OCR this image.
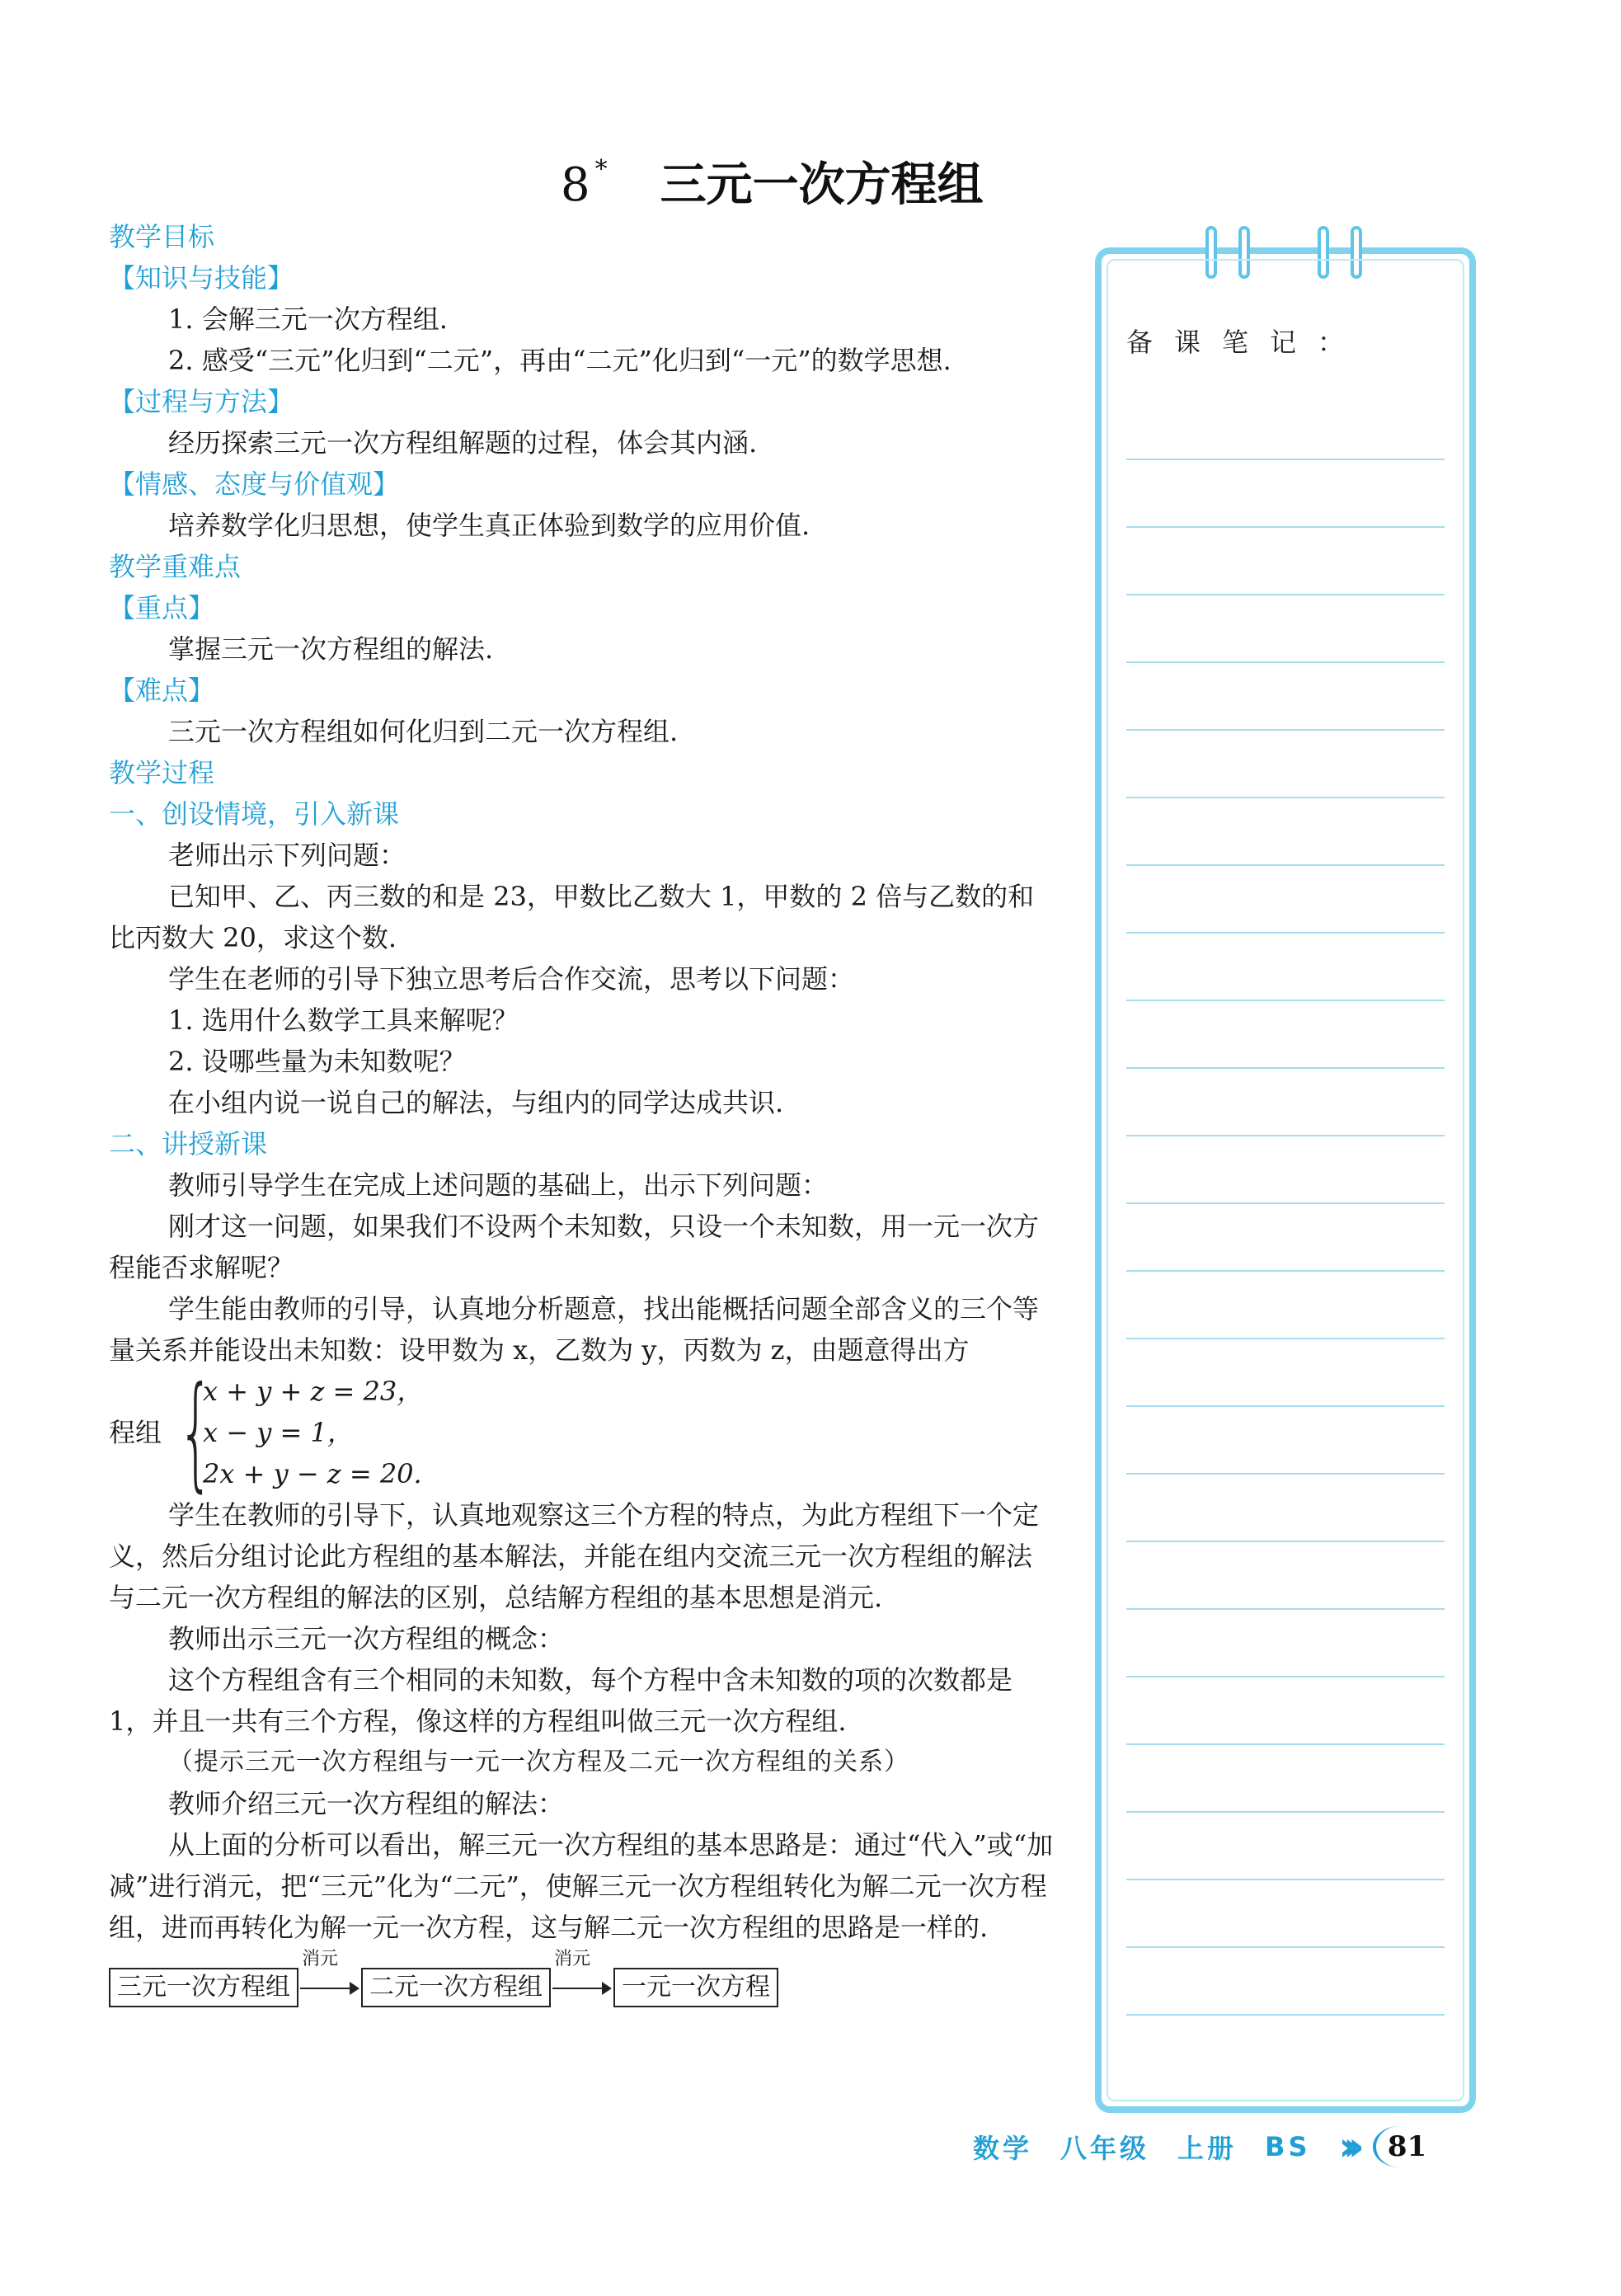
8 * 三元一次方程组

教学目标

【知识与技能】

1. 会解三元一次方程组.

2. 感受“三元”化归到“二元”，再由“二元”化归到“一元”的数学思想.

【过程与方法】

经历探索三元一次方程组解题的过程，体会其内涵.

【情感、态度与价值观】

培养数学化归思想，使学生真正体验到数学的应用价值.

教学重难点

【重点】

掌握三元一次方程组的解法.

【难点】

三元一次方程组如何化归到二元一次方程组.

教学过程

一、创设情境，引入新课

老师出示下列问题：

已知甲、乙、丙三数的和是 23，甲数比乙数大 1，甲数的 2 倍与乙数的和比丙数大 20，求这个数.

学生在老师的引导下独立思考后合作交流，思考以下问题：

1. 选用什么数学工具来解呢？

2. 设哪些量为未知数呢？

在小组内说一说自己的解法，与组内的同学达成共识.

二、讲授新课

教师引导学生在完成上述问题的基础上，出示下列问题：

刚才这一问题，如果我们不设两个未知数，只设一个未知数，用一元一次方程能否求解呢？

学生能由教师的引导，认真地分析题意，找出能概括问题全部含义的三个等量关系并能设出未知数：设甲数为 x，乙数为 y，丙数为 z，由题意得出方

程组 {
x + y + z = 23，
x − y = 1，
2x + y − z = 20.

学生在教师的引导下，认真地观察这三个方程的特点，为此方程组下一个定义，然后分组讨论此方程组的基本解法，并能在组内交流三元一次方程组的解法与二元一次方程组的解法的区别，总结解方程组的基本思想是消元.

教师出示三元一次方程组的概念：

这个方程组含有三个相同的未知数，每个方程中含未知数的项的次数都是 1，并且一共有三个方程，像这样的方程组叫做三元一次方程组.

（提示三元一次方程组与一元一次方程及二元一次方程组的关系）

教师介绍三元一次方程组的解法：

从上面的分析可以看出，解三元一次方程组的基本思路是：通过“代入”或“加减”进行消元，把“三元”化为“二元”，使解三元一次方程组转化为解二元一次方程组，进而再转化为解一元一次方程，这与解二元一次方程组的思路是一样的.

三元一次方程组
消元
二元一次方程组
消元
一元一次方程
备课笔记：
数学 八年级 上册 BS ›››	81
